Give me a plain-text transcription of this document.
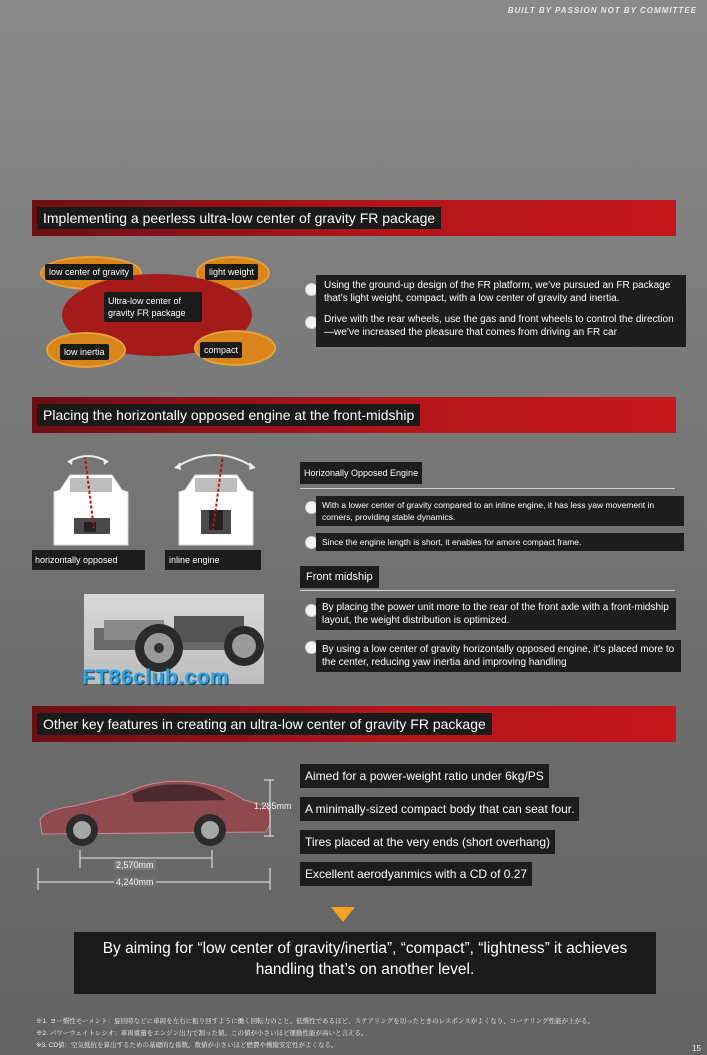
BUILT BY PASSION NOT BY COMMITTEE
Implementing a peerless ultra-low center of gravity FR package
low center of gravity	light weight
Ultra-low center of gravity FR package
low inertia	compact
Using the ground-up design of the FR platform, we’ve pursued an FR package that’s light weight, compact, with a low center of gravity and inertia.
Drive with the rear wheels, use the gas and front wheels to control the direction—we’ve increased the pleasure that comes from driving an FR car
Placing the horizontally opposed engine at the front-midship
horizontally opposed	inline engine
Horizonally Opposed Engine
With a lower center of gravity compared to an inline engine, it has less yaw movement in corners, providing stable dynamics.
Since the engine length is short, it enables for amore compact frame.
Front midship
By placing the power unit more to the rear of the front axle with a front-midship layout, the weight distribution is optimized.
By using a low center of gravity horizontally opposed engine, it’s placed more to the center, reducing yaw inertia and improving handling
FT86club.com
Other key features in creating an ultra-low center of gravity FR package
1,285mm
2,570mm
4,240mm
Aimed for a power-weight ratio under 6kg/PS
A minimally-sized compact body that can seat four.
Tires placed at the very ends (short overhang)
Excellent aerodyanmics with a CD of 0.27
By aiming for “low center of gravity/inertia”, “compact”, “lightness” it achieves handling that’s on another level.
※1. ヨー慣性モーメント：旋回時などに車両を左右に振り回すように働く回転力のこと。低慣性であるほど、ステアリングを切ったときのレスポンスがよくなり、コーナリング性能が上がる。
※2. パワーウェイトレシオ：車両重量をエンジン出力で割った値。この値が小さいほど運動性能が高いと言える。
※3. CD値：空気抵抗を算出するための基礎的な係数。数値が小さいほど燃費や操縦安定性がよくなる。	15
